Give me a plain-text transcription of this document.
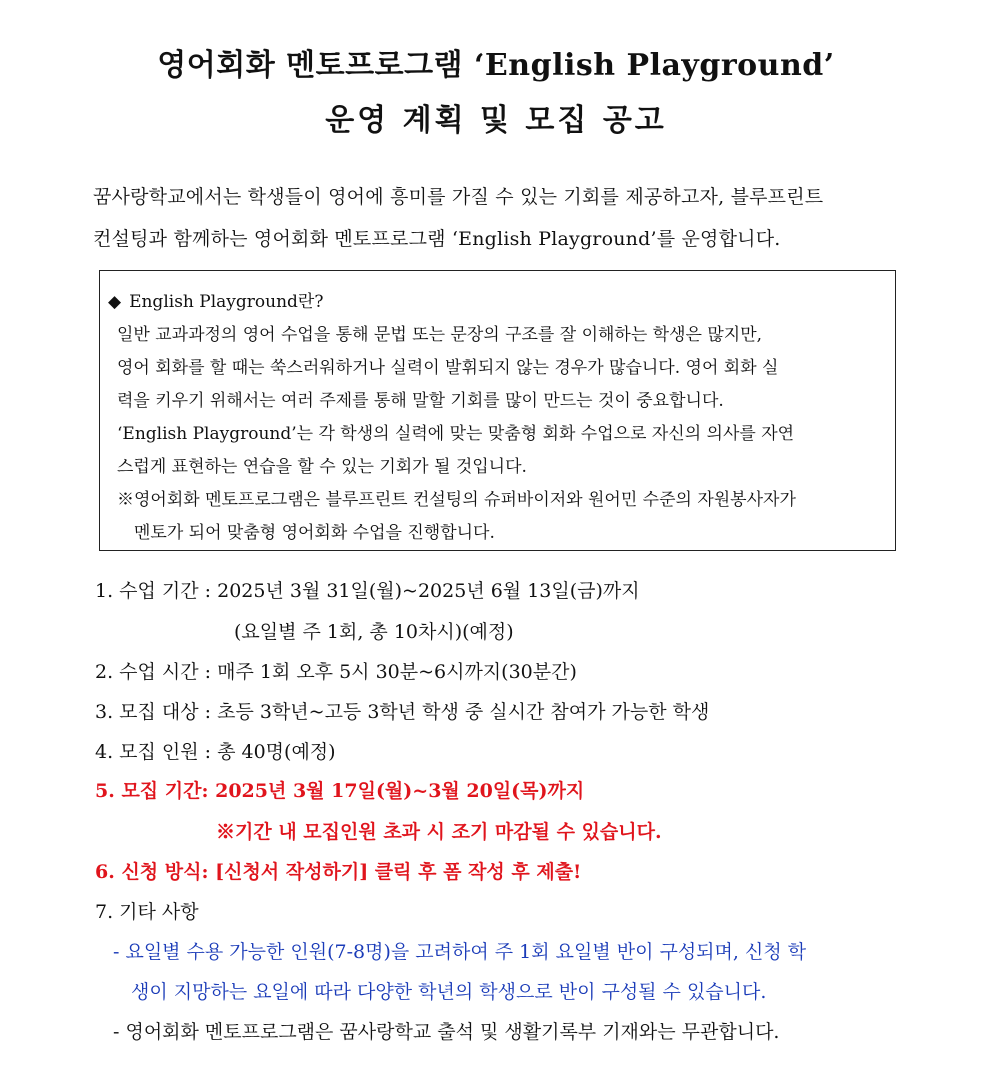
영어회화 멘토프로그램 ‘English Playground’
운영 계획 및 모집 공고
꿈사랑학교에서는 학생들이 영어에 흥미를 가질 수 있는 기회를 제공하고자, 블루프린트
컨설팅과 함께하는 영어회화 멘토프로그램 ‘English Playground’를 운영합니다.
◆ English Playground란?
일반 교과과정의 영어 수업을 통해 문법 또는 문장의 구조를 잘 이해하는 학생은 많지만,
영어 회화를 할 때는 쑥스러워하거나 실력이 발휘되지 않는 경우가 많습니다. 영어 회화 실
력을 키우기 위해서는 여러 주제를 통해 말할 기회를 많이 만드는 것이 중요합니다.
‘English Playground’는 각 학생의 실력에 맞는 맞춤형 회화 수업으로 자신의 의사를 자연
스럽게 표현하는 연습을 할 수 있는 기회가 될 것입니다.
※영어회화 멘토프로그램은 블루프린트 컨설팅의 슈퍼바이저와 원어민 수준의 자원봉사자가
멘토가 되어 맞춤형 영어회화 수업을 진행합니다.
1. 수업 기간 : 2025년 3월 31일(월)~2025년 6월 13일(금)까지
(요일별 주 1회, 총 10차시)(예정)
2. 수업 시간 : 매주 1회 오후 5시 30분~6시까지(30분간)
3. 모집 대상 : 초등 3학년~고등 3학년 학생 중 실시간 참여가 가능한 학생
4. 모집 인원 : 총 40명(예정)
5. 모집 기간: 2025년 3월 17일(월)~3월 20일(목)까지
※기간 내 모집인원 초과 시 조기 마감될 수 있습니다.
6. 신청 방식: [신청서 작성하기] 클릭 후 폼 작성 후 제출!
7. 기타 사항
- 요일별 수용 가능한 인원(7-8명)을 고려하여 주 1회 요일별 반이 구성되며, 신청 학
생이 지망하는 요일에 따라 다양한 학년의 학생으로 반이 구성될 수 있습니다.
- 영어회화 멘토프로그램은 꿈사랑학교 출석 및 생활기록부 기재와는 무관합니다.
